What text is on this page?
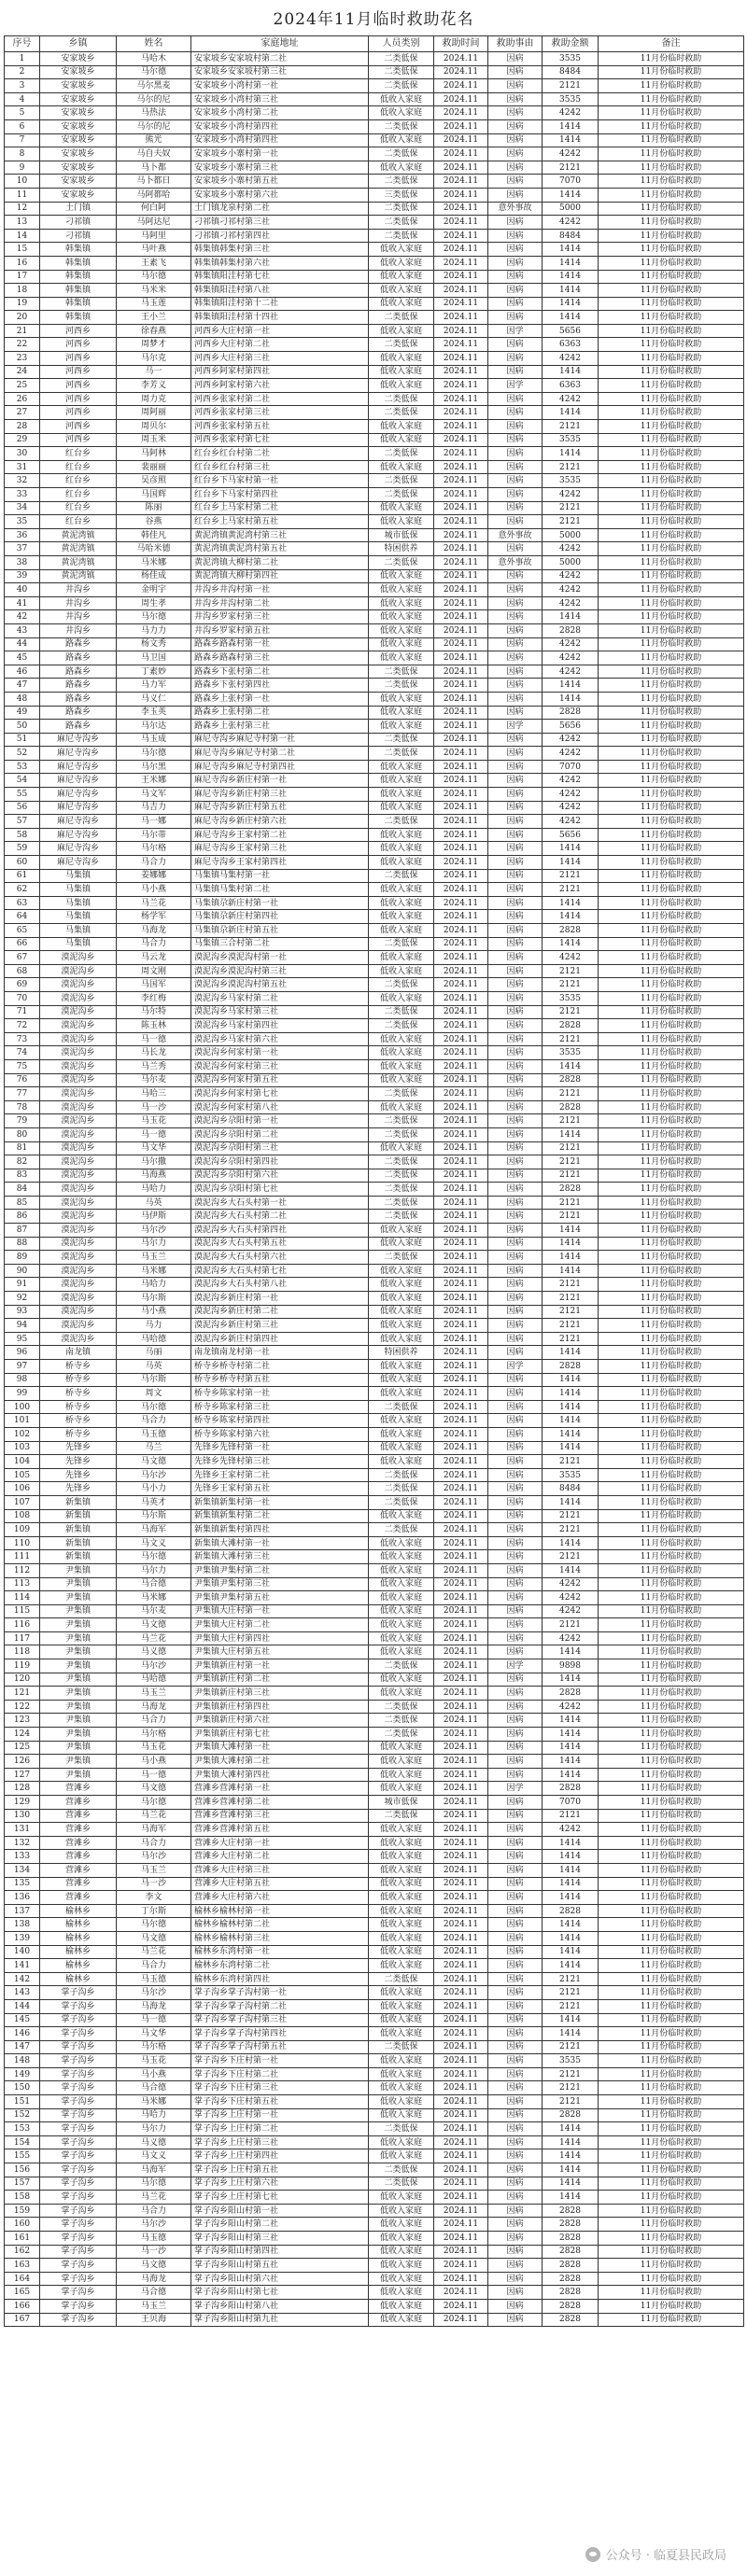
2024年11月临时救助花名
序号	乡镇	姓名	家庭地址	人员类别	救助时间	救助事由	救助金额	备注
1	安家坡乡	马哈木	安家坡乡安家坡村第二社	二类低保	2024.11	因病	3535	11月份临时救助
2	安家坡乡	马尔德	安家坡乡安家坡村第三社	二类低保	2024.11	因病	8484	11月份临时救助
3	安家坡乡	马尔黑麦	安家坡乡小湾村第一社	二类低保	2024.11	因病	2121	11月份临时救助
4	安家坡乡	马尔的尼	安家坡乡小湾村第三社	低收入家庭	2024.11	因病	3535	11月份临时救助
5	安家坡乡	马热法	安家坡乡小湾村第二社	低收入家庭	2024.11	因病	4242	11月份临时救助
6	安家坡乡	马尔的尼	安家坡乡小湾村第四社	二类低保	2024.11	因病	1414	11月份临时救助
7	安家坡乡	熊光	安家坡乡小湾村第四社	低收入家庭	2024.11	因病	1414	11月份临时救助
8	安家坡乡	马自夫奴	安家坡乡小寨村第一社	二类低保	2024.11	因病	4242	11月份临时救助
9	安家坡乡	马卜都	安家坡乡小寨村第三社	低收入家庭	2024.11	因病	2121	11月份临时救助
10	安家坡乡	马卜都日	安家坡乡小寨村第五社	二类低保	2024.11	因病	7070	11月份临时救助
11	安家坡乡	马阿都哈	安家坡乡小寨村第六社	三类低保	2024.11	因病	1414	11月份临时救助
12	土门镇	何白阿	土门镇龙泉村第二社	二类低保	2024.11	意外事故	5000	11月份临时救助
13	刁祁镇	马阿达尼	刁祁镇刁祁村第三社	二类低保	2024.11	因病	4242	11月份临时救助
14	刁祁镇	马阿里	刁祁镇刁祁村第四社	二类低保	2024.11	因病	8484	11月份临时救助
15	韩集镇	马叶燕	韩集镇韩集村第三社	低收入家庭	2024.11	因病	1414	11月份临时救助
16	韩集镇	王素飞	韩集镇韩集村第六社	低收入家庭	2024.11	因病	1414	11月份临时救助
17	韩集镇	马尔德	韩集镇阳洼村第七社	低收入家庭	2024.11	因病	1414	11月份临时救助
18	韩集镇	马米米	韩集镇阳洼村第八社	低收入家庭	2024.11	因病	1414	11月份临时救助
19	韩集镇	马玉莲	韩集镇阳洼村第十二社	低收入家庭	2024.11	因病	1414	11月份临时救助
20	韩集镇	王小兰	韩集镇阳洼村第十四社	二类低保	2024.11	因病	1414	11月份临时救助
21	河西乡	徐春燕	河西乡大庄村第一社	低收入家庭	2024.11	因学	5656	11月份临时救助
22	河西乡	周梦才	河西乡大庄村第二社	二类低保	2024.11	因病	6363	11月份临时救助
23	河西乡	马尔克	河西乡大庄村第三社	低收入家庭	2024.11	因病	4242	11月份临时救助
24	河西乡	马一	河西乡阿家村第四社	低收入家庭	2024.11	因病	1414	11月份临时救助
25	河西乡	李芳义	河西乡阿家村第六社	低收入家庭	2024.11	因学	6363	11月份临时救助
26	河西乡	周力克	河西乡张家村第二社	二类低保	2024.11	因病	4242	11月份临时救助
27	河西乡	周阿丽	河西乡张家村第三社	二类低保	2024.11	因病	1414	11月份临时救助
28	河西乡	周贝尔	河西乡张家村第五社	低收入家庭	2024.11	因病	2121	11月份临时救助
29	河西乡	周玉米	河西乡张家村第七社	低收入家庭	2024.11	因病	3535	11月份临时救助
30	红台乡	马阿林	红台乡红台村第二社	二类低保	2024.11	因病	1414	11月份临时救助
31	红台乡	裴丽丽	红台乡红台村第三社	低收入家庭	2024.11	因病	2121	11月份临时救助
32	红台乡	吴彦照	红台乡下马家村第一社	二类低保	2024.11	因病	3535	11月份临时救助
33	红台乡	马国辉	红台乡下马家村第四社	二类低保	2024.11	因病	4242	11月份临时救助
34	红台乡	陈丽	红台乡上马家村第二社	低收入家庭	2024.11	因病	2121	11月份临时救助
35	红台乡	谷燕	红台乡上马家村第五社	低收入家庭	2024.11	因病	2121	11月份临时救助
36	黄泥湾镇	韩佳凡	黄泥湾镇黄泥湾村第三社	城市低保	2024.11	意外事故	5000	11月份临时救助
37	黄泥湾镇	马哈米德	黄泥湾镇黄泥湾村第五社	特困供养	2024.11	因病	4242	11月份临时救助
38	黄泥湾镇	马米娜	黄泥湾镇大柳村第二社	二类低保	2024.11	意外事故	5000	11月份临时救助
39	黄泥湾镇	杨佳成	黄泥湾镇大柳村第四社	低收入家庭	2024.11	因病	4242	11月份临时救助
40	井沟乡	金明宇	井沟乡井沟村第一社	低收入家庭	2024.11	因病	4242	11月份临时救助
41	井沟乡	周生孝	井沟乡井沟村第二社	低收入家庭	2024.11	因病	4242	11月份临时救助
42	井沟乡	马尔德	井沟乡罗家村第三社	低收入家庭	2024.11	因病	1414	11月份临时救助
43	井沟乡	马力力	井沟乡罗家村第五社	低收入家庭	2024.11	因病	2828	11月份临时救助
44	路森乡	杨文秀	路森乡路森村第一社	低收入家庭	2024.11	因病	4242	11月份临时救助
45	路森乡	马卫国	路森乡路森村第三社	低收入家庭	2024.11	因病	4242	11月份临时救助
46	路森乡	丁素妙	路森乡下张村第二社	二类低保	2024.11	因病	4242	11月份临时救助
47	路森乡	马力军	路森乡下张村第四社	二类低保	2024.11	因病	1414	11月份临时救助
48	路森乡	马义仁	路森乡上张村第一社	低收入家庭	2024.11	因病	1414	11月份临时救助
49	路森乡	李玉英	路森乡上张村第二社	低收入家庭	2024.11	因病	2828	11月份临时救助
50	路森乡	马尔达	路森乡上张村第三社	低收入家庭	2024.11	因学	5656	11月份临时救助
51	麻尼寺沟乡	马玉成	麻尼寺沟乡麻尼寺村第一社	二类低保	2024.11	因病	4242	11月份临时救助
52	麻尼寺沟乡	马尔德	麻尼寺沟乡麻尼寺村第二社	二类低保	2024.11	因病	4242	11月份临时救助
53	麻尼寺沟乡	马尔黑	麻尼寺沟乡麻尼寺村第四社	低收入家庭	2024.11	因病	7070	11月份临时救助
54	麻尼寺沟乡	王米娜	麻尼寺沟乡新庄村第一社	低收入家庭	2024.11	因病	4242	11月份临时救助
55	麻尼寺沟乡	马文军	麻尼寺沟乡新庄村第三社	低收入家庭	2024.11	因病	4242	11月份临时救助
56	麻尼寺沟乡	马吉力	麻尼寺沟乡新庄村第五社	低收入家庭	2024.11	因病	4242	11月份临时救助
57	麻尼寺沟乡	马一娜	麻尼寺沟乡新庄村第六社	二类低保	2024.11	因病	4242	11月份临时救助
58	麻尼寺沟乡	马尔蒂	麻尼寺沟乡王家村第二社	低收入家庭	2024.11	因病	5656	11月份临时救助
59	麻尼寺沟乡	马尔格	麻尼寺沟乡王家村第三社	低收入家庭	2024.11	因病	1414	11月份临时救助
60	麻尼寺沟乡	马合力	麻尼寺沟乡王家村第四社	低收入家庭	2024.11	因病	1414	11月份临时救助
61	马集镇	姜娜娜	马集镇马集村第一社	二类低保	2024.11	因病	2121	11月份临时救助
62	马集镇	马小燕	马集镇马集村第二社	低收入家庭	2024.11	因病	2121	11月份临时救助
63	马集镇	马兰花	马集镇尕新庄村第一社	低收入家庭	2024.11	因病	1414	11月份临时救助
64	马集镇	杨学军	马集镇尕新庄村第四社	低收入家庭	2024.11	因病	1414	11月份临时救助
65	马集镇	马海龙	马集镇尕新庄村第五社	低收入家庭	2024.11	因病	2828	11月份临时救助
66	马集镇	马合力	马集镇三合村第二社	二类低保	2024.11	因病	1414	11月份临时救助
67	漠泥沟乡	马云龙	漠泥沟乡漠泥沟村第一社	低收入家庭	2024.11	因病	4242	11月份临时救助
68	漠泥沟乡	周文刚	漠泥沟乡漠泥沟村第三社	低收入家庭	2024.11	因病	2121	11月份临时救助
69	漠泥沟乡	马国军	漠泥沟乡漠泥沟村第五社	二类低保	2024.11	因病	2121	11月份临时救助
70	漠泥沟乡	李红梅	漠泥沟乡马家村第二社	低收入家庭	2024.11	因病	3535	11月份临时救助
71	漠泥沟乡	马尔特	漠泥沟乡马家村第三社	二类低保	2024.11	因病	2121	11月份临时救助
72	漠泥沟乡	陈玉林	漠泥沟乡马家村第四社	二类低保	2024.11	因病	2828	11月份临时救助
73	漠泥沟乡	马一德	漠泥沟乡马家村第六社	低收入家庭	2024.11	因病	2121	11月份临时救助
74	漠泥沟乡	马长龙	漠泥沟乡何家村第一社	低收入家庭	2024.11	因病	3535	11月份临时救助
75	漠泥沟乡	马兰秀	漠泥沟乡何家村第三社	低收入家庭	2024.11	因病	1414	11月份临时救助
76	漠泥沟乡	马尔麦	漠泥沟乡何家村第五社	低收入家庭	2024.11	因病	2828	11月份临时救助
77	漠泥沟乡	马哈三	漠泥沟乡何家村第七社	二类低保	2024.11	因病	2121	11月份临时救助
78	漠泥沟乡	马一沙	漠泥沟乡何家村第八社	低收入家庭	2024.11	因病	2828	11月份临时救助
79	漠泥沟乡	马玉花	漠泥沟乡尕阳村第一社	二类低保	2024.11	因病	2121	11月份临时救助
80	漠泥沟乡	马一德	漠泥沟乡尕阳村第二社	二类低保	2024.11	因病	1414	11月份临时救助
81	漠泥沟乡	马文华	漠泥沟乡尕阳村第三社	低收入家庭	2024.11	因病	2121	11月份临时救助
82	漠泥沟乡	马尔撒	漠泥沟乡尕阳村第四社	二类低保	2024.11	因病	2121	11月份临时救助
83	漠泥沟乡	马海燕	漠泥沟乡尕阳村第六社	二类低保	2024.11	因病	2121	11月份临时救助
84	漠泥沟乡	马哈力	漠泥沟乡尕阳村第七社	二类低保	2024.11	因病	2828	11月份临时救助
85	漠泥沟乡	马英	漠泥沟乡大石头村第一社	二类低保	2024.11	因病	2121	11月份临时救助
86	漠泥沟乡	马伊斯	漠泥沟乡大石头村第二社	二类低保	2024.11	因病	2121	11月份临时救助
87	漠泥沟乡	马尔沙	漠泥沟乡大石头村第四社	低收入家庭	2024.11	因病	1414	11月份临时救助
88	漠泥沟乡	马尔力	漠泥沟乡大石头村第五社	低收入家庭	2024.11	因病	1414	11月份临时救助
89	漠泥沟乡	马玉兰	漠泥沟乡大石头村第六社	二类低保	2024.11	因病	1414	11月份临时救助
90	漠泥沟乡	马米娜	漠泥沟乡大石头村第七社	低收入家庭	2024.11	因病	1414	11月份临时救助
91	漠泥沟乡	马哈力	漠泥沟乡大石头村第八社	低收入家庭	2024.11	因病	2121	11月份临时救助
92	漠泥沟乡	马尔斯	漠泥沟乡新庄村第一社	低收入家庭	2024.11	因病	2121	11月份临时救助
93	漠泥沟乡	马小燕	漠泥沟乡新庄村第二社	低收入家庭	2024.11	因病	2121	11月份临时救助
94	漠泥沟乡	马力	漠泥沟乡新庄村第三社	低收入家庭	2024.11	因病	2121	11月份临时救助
95	漠泥沟乡	马哈德	漠泥沟乡新庄村第四社	低收入家庭	2024.11	因病	2121	11月份临时救助
96	南龙镇	马丽	南龙镇南龙村第一社	特困供养	2024.11	因病	1414	11月份临时救助
97	桥寺乡	马英	桥寺乡桥寺村第二社	低收入家庭	2024.11	因学	2828	11月份临时救助
98	桥寺乡	马尔斯	桥寺乡桥寺村第五社	低收入家庭	2024.11	因病	1414	11月份临时救助
99	桥寺乡	周文	桥寺乡陈家村第一社	低收入家庭	2024.11	因病	1414	11月份临时救助
100	桥寺乡	马尔德	桥寺乡陈家村第三社	二类低保	2024.11	因病	1414	11月份临时救助
101	桥寺乡	马合力	桥寺乡陈家村第四社	低收入家庭	2024.11	因病	1414	11月份临时救助
102	桥寺乡	马玉德	桥寺乡陈家村第六社	低收入家庭	2024.11	因病	1414	11月份临时救助
103	先锋乡	马兰	先锋乡先锋村第一社	低收入家庭	2024.11	因病	1414	11月份临时救助
104	先锋乡	马文德	先锋乡先锋村第三社	低收入家庭	2024.11	因病	2121	11月份临时救助
105	先锋乡	马尔沙	先锋乡王家村第二社	二类低保	2024.11	因病	3535	11月份临时救助
106	先锋乡	马小力	先锋乡王家村第五社	二类低保	2024.11	因病	8484	11月份临时救助
107	新集镇	马英才	新集镇新集村第一社	二类低保	2024.11	因病	1414	11月份临时救助
108	新集镇	马尔斯	新集镇新集村第二社	低收入家庭	2024.11	因病	2121	11月份临时救助
109	新集镇	马海军	新集镇新集村第四社	二类低保	2024.11	因病	2121	11月份临时救助
110	新集镇	马文义	新集镇大滩村第一社	低收入家庭	2024.11	因病	1414	11月份临时救助
111	新集镇	马尔德	新集镇大滩村第三社	低收入家庭	2024.11	因病	2121	11月份临时救助
112	尹集镇	马尔力	尹集镇尹集村第二社	低收入家庭	2024.11	因病	1414	11月份临时救助
113	尹集镇	马合德	尹集镇尹集村第三社	低收入家庭	2024.11	因病	4242	11月份临时救助
114	尹集镇	马米娜	尹集镇尹集村第五社	低收入家庭	2024.11	因病	4242	11月份临时救助
115	尹集镇	马尔麦	尹集镇大庄村第一社	低收入家庭	2024.11	因病	4242	11月份临时救助
116	尹集镇	马文德	尹集镇大庄村第二社	低收入家庭	2024.11	因病	2121	11月份临时救助
117	尹集镇	马兰花	尹集镇大庄村第四社	低收入家庭	2024.11	因病	4242	11月份临时救助
118	尹集镇	马义德	尹集镇大庄村第五社	低收入家庭	2024.11	因病	1414	11月份临时救助
119	尹集镇	马尔沙	尹集镇新庄村第一社	二类低保	2024.11	因学	9898	11月份临时救助
120	尹集镇	马哈德	尹集镇新庄村第二社	低收入家庭	2024.11	因病	1414	11月份临时救助
121	尹集镇	马玉兰	尹集镇新庄村第三社	低收入家庭	2024.11	因病	2828	11月份临时救助
122	尹集镇	马海龙	尹集镇新庄村第四社	二类低保	2024.11	因病	4242	11月份临时救助
123	尹集镇	马合力	尹集镇新庄村第六社	二类低保	2024.11	因病	1414	11月份临时救助
124	尹集镇	马尔格	尹集镇新庄村第七社	二类低保	2024.11	因病	1414	11月份临时救助
125	尹集镇	马玉花	尹集镇大滩村第一社	低收入家庭	2024.11	因病	1414	11月份临时救助
126	尹集镇	马小燕	尹集镇大滩村第二社	低收入家庭	2024.11	因病	1414	11月份临时救助
127	尹集镇	马一德	尹集镇大滩村第四社	低收入家庭	2024.11	因病	1414	11月份临时救助
128	营滩乡	马文德	营滩乡营滩村第一社	低收入家庭	2024.11	因学	2828	11月份临时救助
129	营滩乡	马尔德	营滩乡营滩村第二社	城市低保	2024.11	因病	7070	11月份临时救助
130	营滩乡	马兰花	营滩乡营滩村第三社	二类低保	2024.11	因病	2121	11月份临时救助
131	营滩乡	马海军	营滩乡营滩村第五社	低收入家庭	2024.11	因病	4242	11月份临时救助
132	营滩乡	马合力	营滩乡大庄村第一社	低收入家庭	2024.11	因病	1414	11月份临时救助
133	营滩乡	马尔沙	营滩乡大庄村第二社	低收入家庭	2024.11	因病	1414	11月份临时救助
134	营滩乡	马玉兰	营滩乡大庄村第三社	低收入家庭	2024.11	因病	1414	11月份临时救助
135	营滩乡	马一沙	营滩乡大庄村第五社	低收入家庭	2024.11	因病	1414	11月份临时救助
136	营滩乡	李文	营滩乡大庄村第六社	低收入家庭	2024.11	因病	1414	11月份临时救助
137	榆林乡	丁尔斯	榆林乡榆林村第一社	低收入家庭	2024.11	因病	2828	11月份临时救助
138	榆林乡	马尔德	榆林乡榆林村第二社	低收入家庭	2024.11	因病	1414	11月份临时救助
139	榆林乡	马文德	榆林乡榆林村第三社	低收入家庭	2024.11	因病	1414	11月份临时救助
140	榆林乡	马兰花	榆林乡东湾村第一社	低收入家庭	2024.11	因病	1414	11月份临时救助
141	榆林乡	马合力	榆林乡东湾村第二社	低收入家庭	2024.11	因病	1414	11月份临时救助
142	榆林乡	马玉德	榆林乡东湾村第四社	二类低保	2024.11	因病	2121	11月份临时救助
143	掌子沟乡	马尔沙	掌子沟乡掌子沟村第一社	低收入家庭	2024.11	因病	2121	11月份临时救助
144	掌子沟乡	马海龙	掌子沟乡掌子沟村第二社	低收入家庭	2024.11	因病	2121	11月份临时救助
145	掌子沟乡	马一德	掌子沟乡掌子沟村第三社	低收入家庭	2024.11	因病	1414	11月份临时救助
146	掌子沟乡	马文华	掌子沟乡掌子沟村第四社	低收入家庭	2024.11	因病	1414	11月份临时救助
147	掌子沟乡	马尔格	掌子沟乡掌子沟村第五社	二类低保	2024.11	因病	2121	11月份临时救助
148	掌子沟乡	马玉花	掌子沟乡下庄村第一社	低收入家庭	2024.11	因病	3535	11月份临时救助
149	掌子沟乡	马小燕	掌子沟乡下庄村第二社	低收入家庭	2024.11	因病	2121	11月份临时救助
150	掌子沟乡	马合德	掌子沟乡下庄村第三社	低收入家庭	2024.11	因病	2121	11月份临时救助
151	掌子沟乡	马米娜	掌子沟乡下庄村第五社	低收入家庭	2024.11	因病	2121	11月份临时救助
152	掌子沟乡	马哈力	掌子沟乡上庄村第一社	低收入家庭	2024.11	因病	2828	11月份临时救助
153	掌子沟乡	马尔力	掌子沟乡上庄村第二社	二类低保	2024.11	因病	1414	11月份临时救助
154	掌子沟乡	马义德	掌子沟乡上庄村第三社	低收入家庭	2024.11	因病	1414	11月份临时救助
155	掌子沟乡	马文义	掌子沟乡上庄村第四社	低收入家庭	2024.11	因病	1414	11月份临时救助
156	掌子沟乡	马海军	掌子沟乡上庄村第五社	二类低保	2024.11	因病	1414	11月份临时救助
157	掌子沟乡	马尔德	掌子沟乡上庄村第六社	二类低保	2024.11	因病	1414	11月份临时救助
158	掌子沟乡	马兰花	掌子沟乡上庄村第七社	低收入家庭	2024.11	因病	1414	11月份临时救助
159	掌子沟乡	马合力	掌子沟乡阳山村第一社	低收入家庭	2024.11	因病	2828	11月份临时救助
160	掌子沟乡	马尔沙	掌子沟乡阳山村第二社	低收入家庭	2024.11	因病	2828	11月份临时救助
161	掌子沟乡	马玉德	掌子沟乡阳山村第三社	低收入家庭	2024.11	因病	2828	11月份临时救助
162	掌子沟乡	马一沙	掌子沟乡阳山村第四社	低收入家庭	2024.11	因病	2828	11月份临时救助
163	掌子沟乡	马文德	掌子沟乡阳山村第五社	低收入家庭	2024.11	因病	2828	11月份临时救助
164	掌子沟乡	马海龙	掌子沟乡阳山村第六社	低收入家庭	2024.11	因病	2828	11月份临时救助
165	掌子沟乡	马合德	掌子沟乡阳山村第七社	低收入家庭	2024.11	因病	2828	11月份临时救助
166	掌子沟乡	马玉兰	掌子沟乡阳山村第八社	低收入家庭	2024.11	因病	2828	11月份临时救助
167	掌子沟乡	王贝海	掌子沟乡阳山村第九社	低收入家庭	2024.11	因病	2828	11月份临时救助
公众号 · 临夏县民政局
